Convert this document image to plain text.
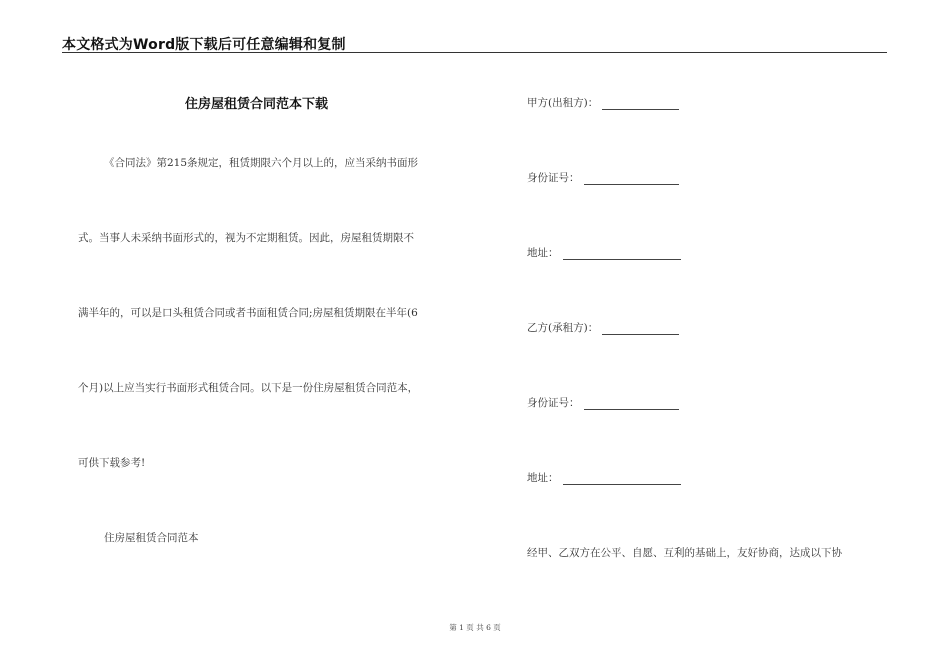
本文格式为Word版下载后可任意编辑和复制
住房屋租赁合同范本下载
《合同法》第215条规定，租赁期限六个月以上的，应当采纳书面形
式。当事人未采纳书面形式的，视为不定期租赁。因此，房屋租赁期限不
满半年的，可以是口头租赁合同或者书面租赁合同;房屋租赁期限在半年(6
个月)以上应当实行书面形式租赁合同。以下是一份住房屋租赁合同范本，
可供下载参考!
住房屋租赁合同范本
甲方(出租方)：
身份证号：
地址：
乙方(承租方)：
身份证号：
地址：
经甲、乙双方在公平、自愿、互利的基础上，友好协商，达成以下协
第 1 页 共 6 页
